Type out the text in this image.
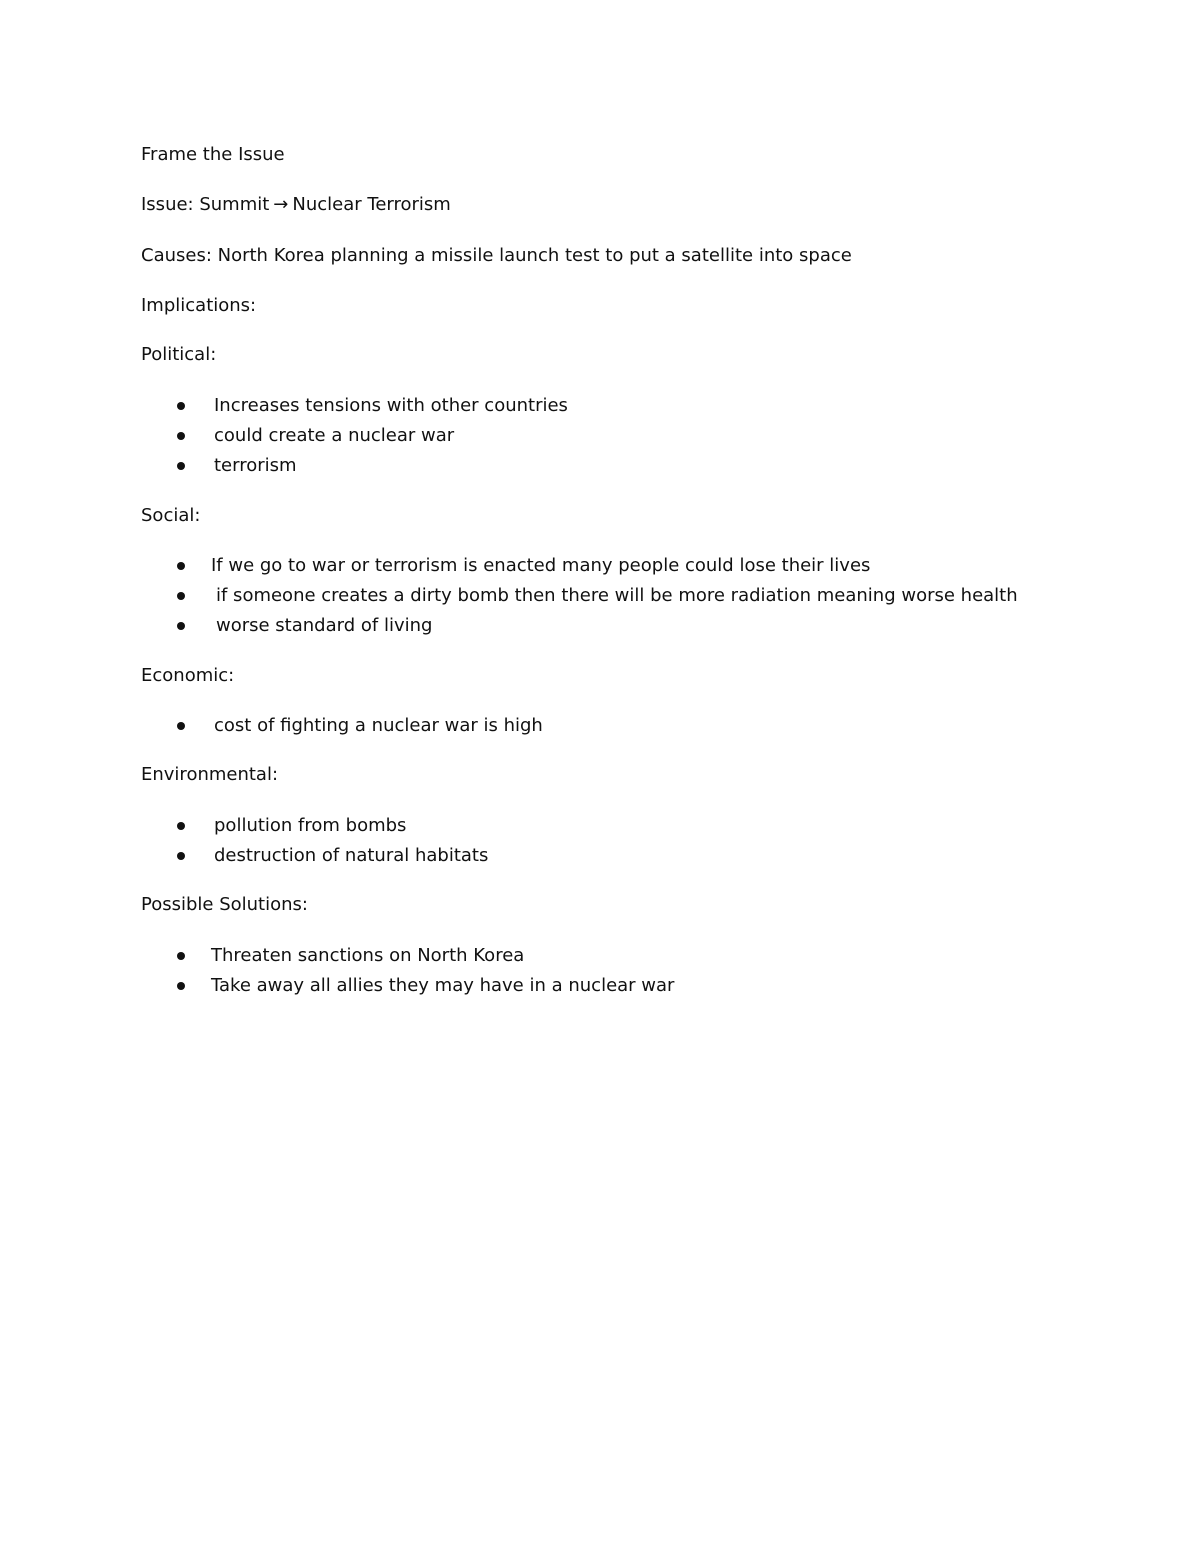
Frame the Issue
Issue: Summit → Nuclear Terrorism
Causes: North Korea planning a missile launch test to put a satellite into space
Implications:
Political:
Increases tensions with other countries
could create a nuclear war
terrorism
Social:
If we go to war or terrorism is enacted many people could lose their lives
if someone creates a dirty bomb then there will be more radiation meaning worse health
worse standard of living
Economic:
cost of fighting a nuclear war is high
Environmental:
pollution from bombs
destruction of natural habitats
Possible Solutions:
Threaten sanctions on North Korea
Take away all allies they may have in a nuclear war
